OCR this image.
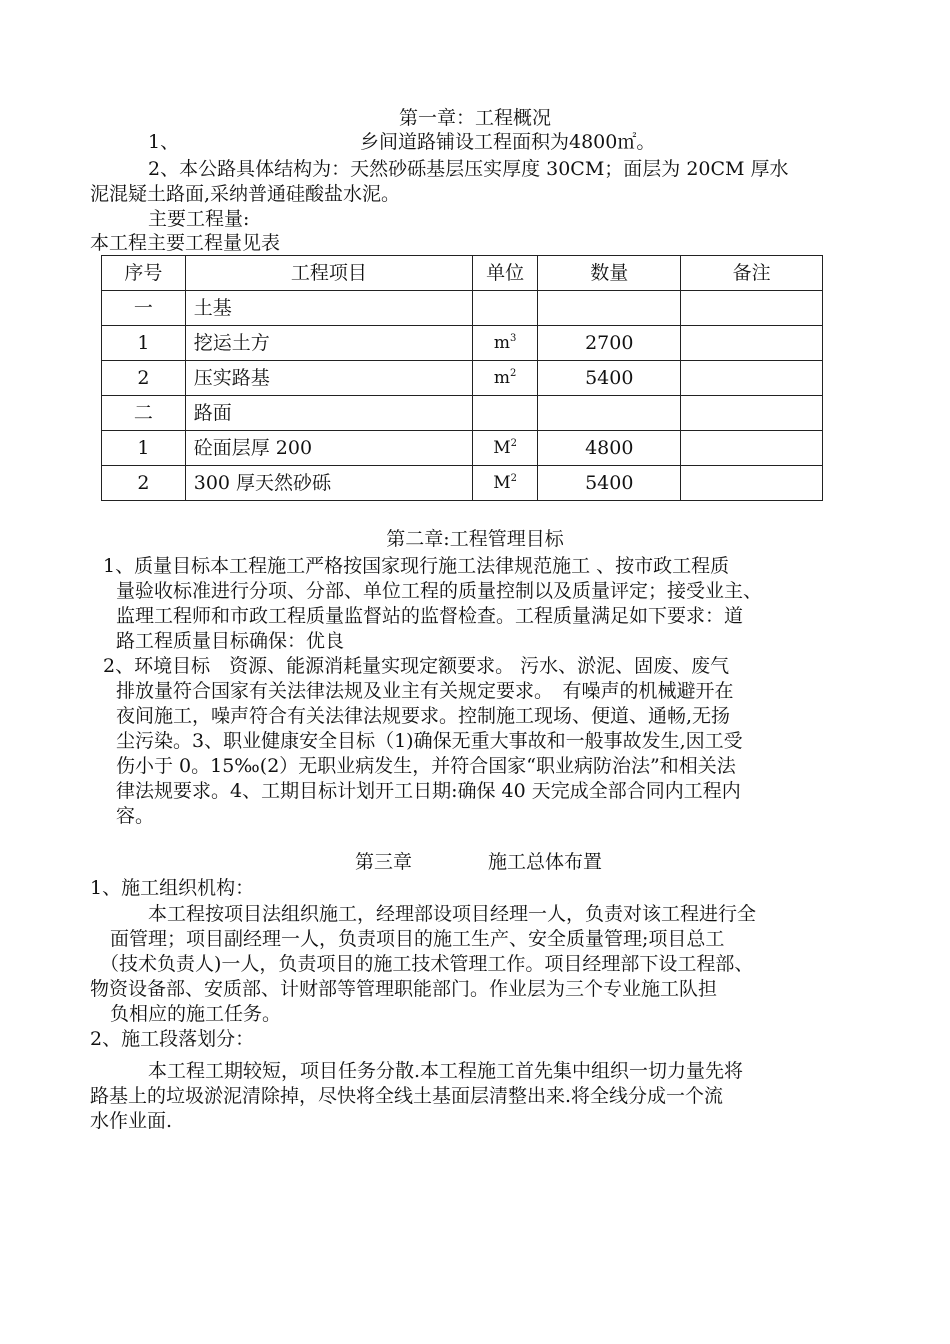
第一章：工程概况
1、	乡间道路铺设工程面积为4800㎡。
2、本公路具体结构为：天然砂砾基层压实厚度 30CM；面层为 20CM 厚水
泥混疑土路面,采纳普通硅酸盐水泥。
主要工程量:
本工程主要工程量见表
序号	工程项目	单位	数量	备注
一	土基			
1	挖运土方	$m^3$	2700	
2	压实路基	$m^2$	5400	
二	路面			
1	砼面层厚 200	$M^2$	4800	
2	300 厚天然砂砾	$M^2$	5400	
第二章:工程管理目标
1、质量目标本工程施工严格按国家现行施工法律规范施工 、按市政工程质
量验收标准进行分项、分部、单位工程的质量控制以及质量评定；接受业主、
监理工程师和市政工程质量监督站的监督检查。工程质量满足如下要求：道
路工程质量目标确保：优良
2、环境目标　资源、能源消耗量实现定额要求。 污水、淤泥、固废、废气
排放量符合国家有关法律法规及业主有关规定要求。　有噪声的机械避开在
夜间施工，噪声符合有关法律法规要求。控制施工现场、便道、通畅,无扬
尘污染。3、职业健康安全目标（1)确保无重大事故和一般事故发生,因工受
伤小于 0。15‰(2）无职业病发生，并符合国家“职业病防治法”和相关法
律法规要求。4、工期目标计划开工日期:确保 40 天完成全部合同内工程内
容。
第三章	施工总体布置
1、施工组织机构：
本工程按项目法组织施工，经理部设项目经理一人，负责对该工程进行全
面管理；项目副经理一人，负责项目的施工生产、安全质量管理;项目总工
（技术负责人)一人，负责项目的施工技术管理工作。项目经理部下设工程部、
物资设备部、安质部、计财部等管理职能部门。作业层为三个专业施工队担
负相应的施工任务。
2、施工段落划分：
本工程工期较短，项目任务分散.本工程施工首先集中组织一切力量先将
路基上的垃圾淤泥清除掉，尽快将全线土基面层清整出来.将全线分成一个流
水作业面.
